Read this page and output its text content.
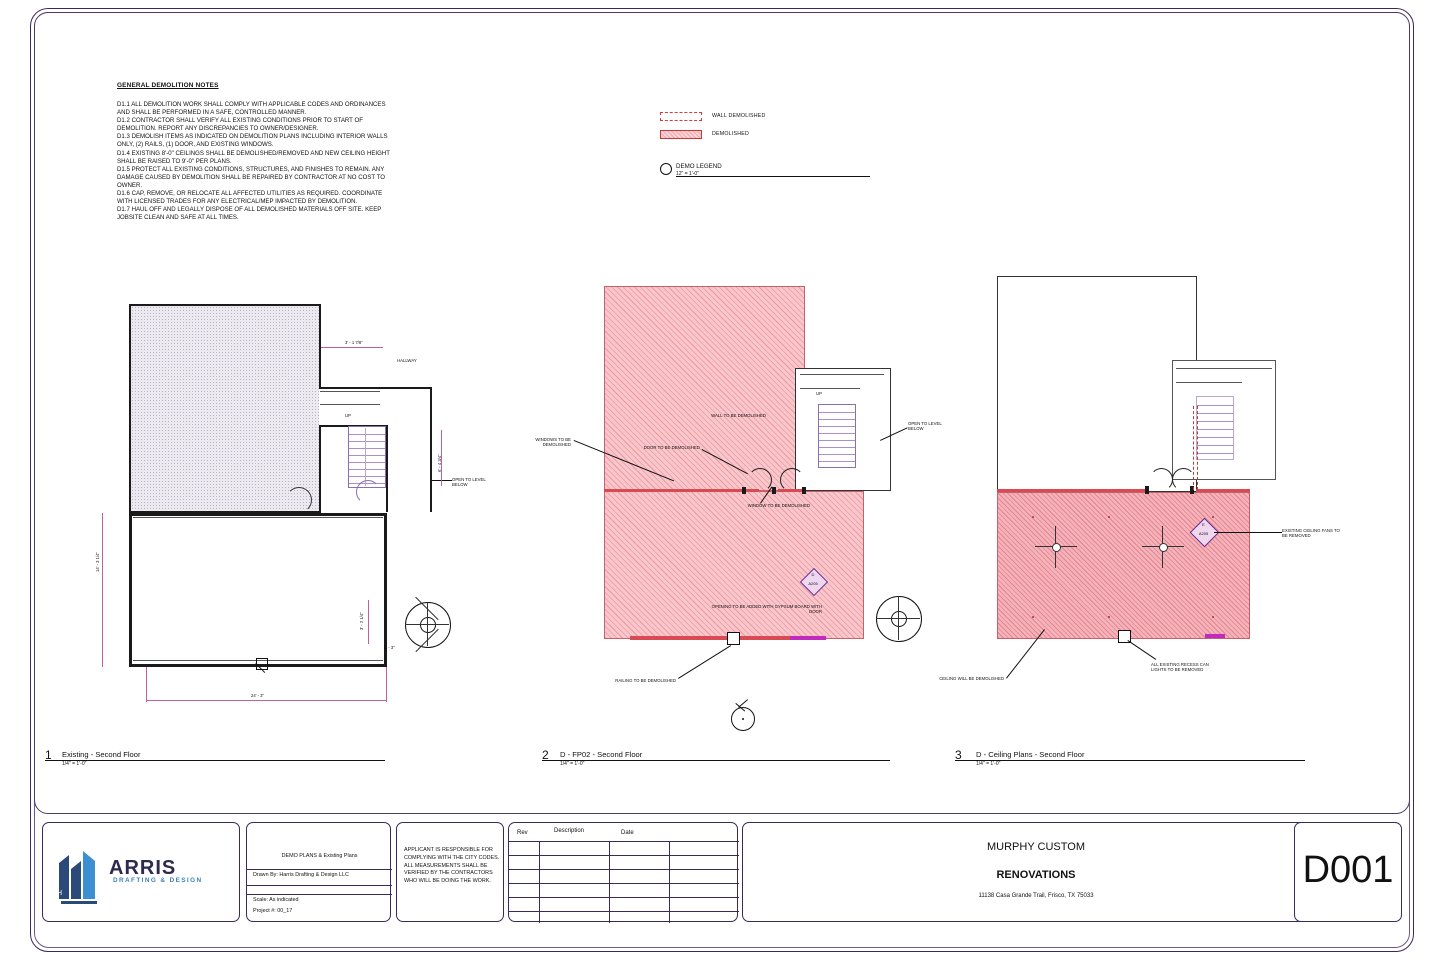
GENERAL DEMOLITION NOTES
D1.1 ALL DEMOLITION WORK SHALL COMPLY WITH APPLICABLE CODES AND ORDINANCES AND SHALL BE PERFORMED IN A SAFE, CONTROLLED MANNER.
D1.2 CONTRACTOR SHALL VERIFY ALL EXISTING CONDITIONS PRIOR TO START OF DEMOLITION. REPORT ANY DISCREPANCIES TO OWNER/DESIGNER.
D1.3 DEMOLISH ITEMS AS INDICATED ON DEMOLITION PLANS INCLUDING INTERIOR WALLS ONLY, (2) RAILS, (1) DOOR, AND EXISTING WINDOWS.
D1.4 EXISTING 8'-0" CEILINGS SHALL BE DEMOLISHED/REMOVED AND NEW CEILING HEIGHT SHALL BE RAISED TO 9'-0" PER PLANS.
D1.5 PROTECT ALL EXISTING CONDITIONS, STRUCTURES, AND FINISHES TO REMAIN. ANY DAMAGE CAUSED BY DEMOLITION SHALL BE REPAIRED BY CONTRACTOR AT NO COST TO OWNER.
D1.6 CAP, REMOVE, OR RELOCATE ALL AFFECTED UTILITIES AS REQUIRED. COORDINATE WITH LICENSED TRADES FOR ANY ELECTRICAL/MEP IMPACTED BY DEMOLITION.
D1.7 HAUL OFF AND LEGALLY DISPOSE OF ALL DEMOLISHED MATERIALS OFF SITE. KEEP JOBSITE CLEAN AND SAFE AT ALL TIMES.
WALL DEMOLISHED
DEMOLISHED
DEMO LEGEND
12" = 1'-0"
UP
HALLWAY
OPEN TO LEVEL BELOW
14' - 3 1/4"
24' - 3"
3' - 1 7/8"
6' - 4 3/4"
3' - 2 1/4"
4' - 3"
1 Existing - Second Floor
1/4" = 1'-0"
UP
D
A205
WALL TO BE DEMOLISHED
WINDOWS TO BE DEMOLISHED
DOOR TO BE DEMOLISHED
WINDOW TO BE DEMOLISHED
OPEN TO LEVEL BELOW
OPENING TO BE ADDED WITH GYPSUM BOARD WITH DOOR
RAILING TO BE DEMOLISHED
2 D - FP02 - Second Floor
1/4" = 1'-0"
E
A205
EXISTING CEILING FANS TO BE REMOVED
ALL EXISTING RECESS CAN LIGHTS TO BE REMOVED
CEILING WILL BE DEMOLISHED
3 D - Ceiling Plans - Second Floor
1/4" = 1'-0"
H
ARRIS
DRAFTING & DESIGN
DEMO PLANS & Existing Plans
Drawn By: Harris Drafting & Design LLC
Scale: As indicated
Project #: 00_17
APPLICANT IS RESPONSIBLE FOR COMPLYING WITH THE CITY CODES. ALL MEASUREMENTS SHALL BE VERIFIED BY THE CONTRACTORS WHO WILL BE DOING THE WORK.
Rev	Description	Date
MURPHY CUSTOM
RENOVATIONS
11138 Casa Grande Trail, Frisco, TX 75033
D001
